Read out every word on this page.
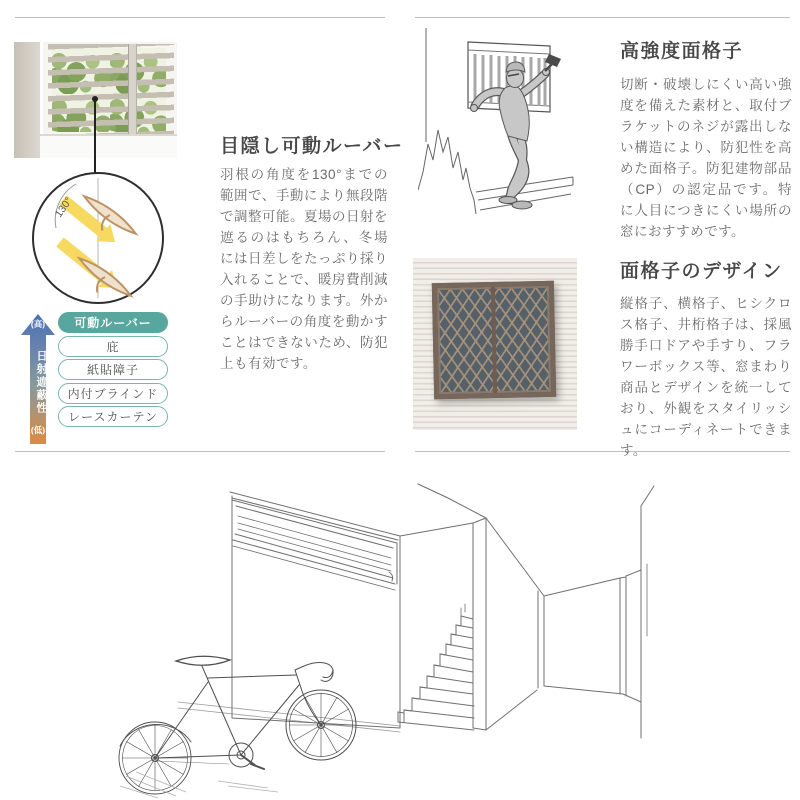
130°
(高)
日射遮蔽性
(低)
可動ルーバー
庇
紙貼障子
内付ブラインド
レースカーテン
目隠し可動ルーバー

羽根の角度を130°までの範囲で、手動により無段階で調整可能。夏場の日射を遮るのはもちろん、冬場には日差しをたっぷり採り入れることで、暖房費削減の手助けになります。外からルーバーの角度を動かすことはできないため、防犯上も有効です。

高強度面格子

切断・破壊しにくい高い強度を備えた素材と、取付ブラケットのネジが露出しない構造により、防犯性を高めた面格子。防犯建物部品（CP）の認定品です。特に人目につきにくい場所の窓におすすめです。

面格子のデザイン

縦格子、横格子、ヒシクロス格子、井桁格子は、採風勝手口ドアや手すり、フラワーボックス等、窓まわり商品とデザインを統一しており、外観をスタイリッシュにコーディネートできます。
